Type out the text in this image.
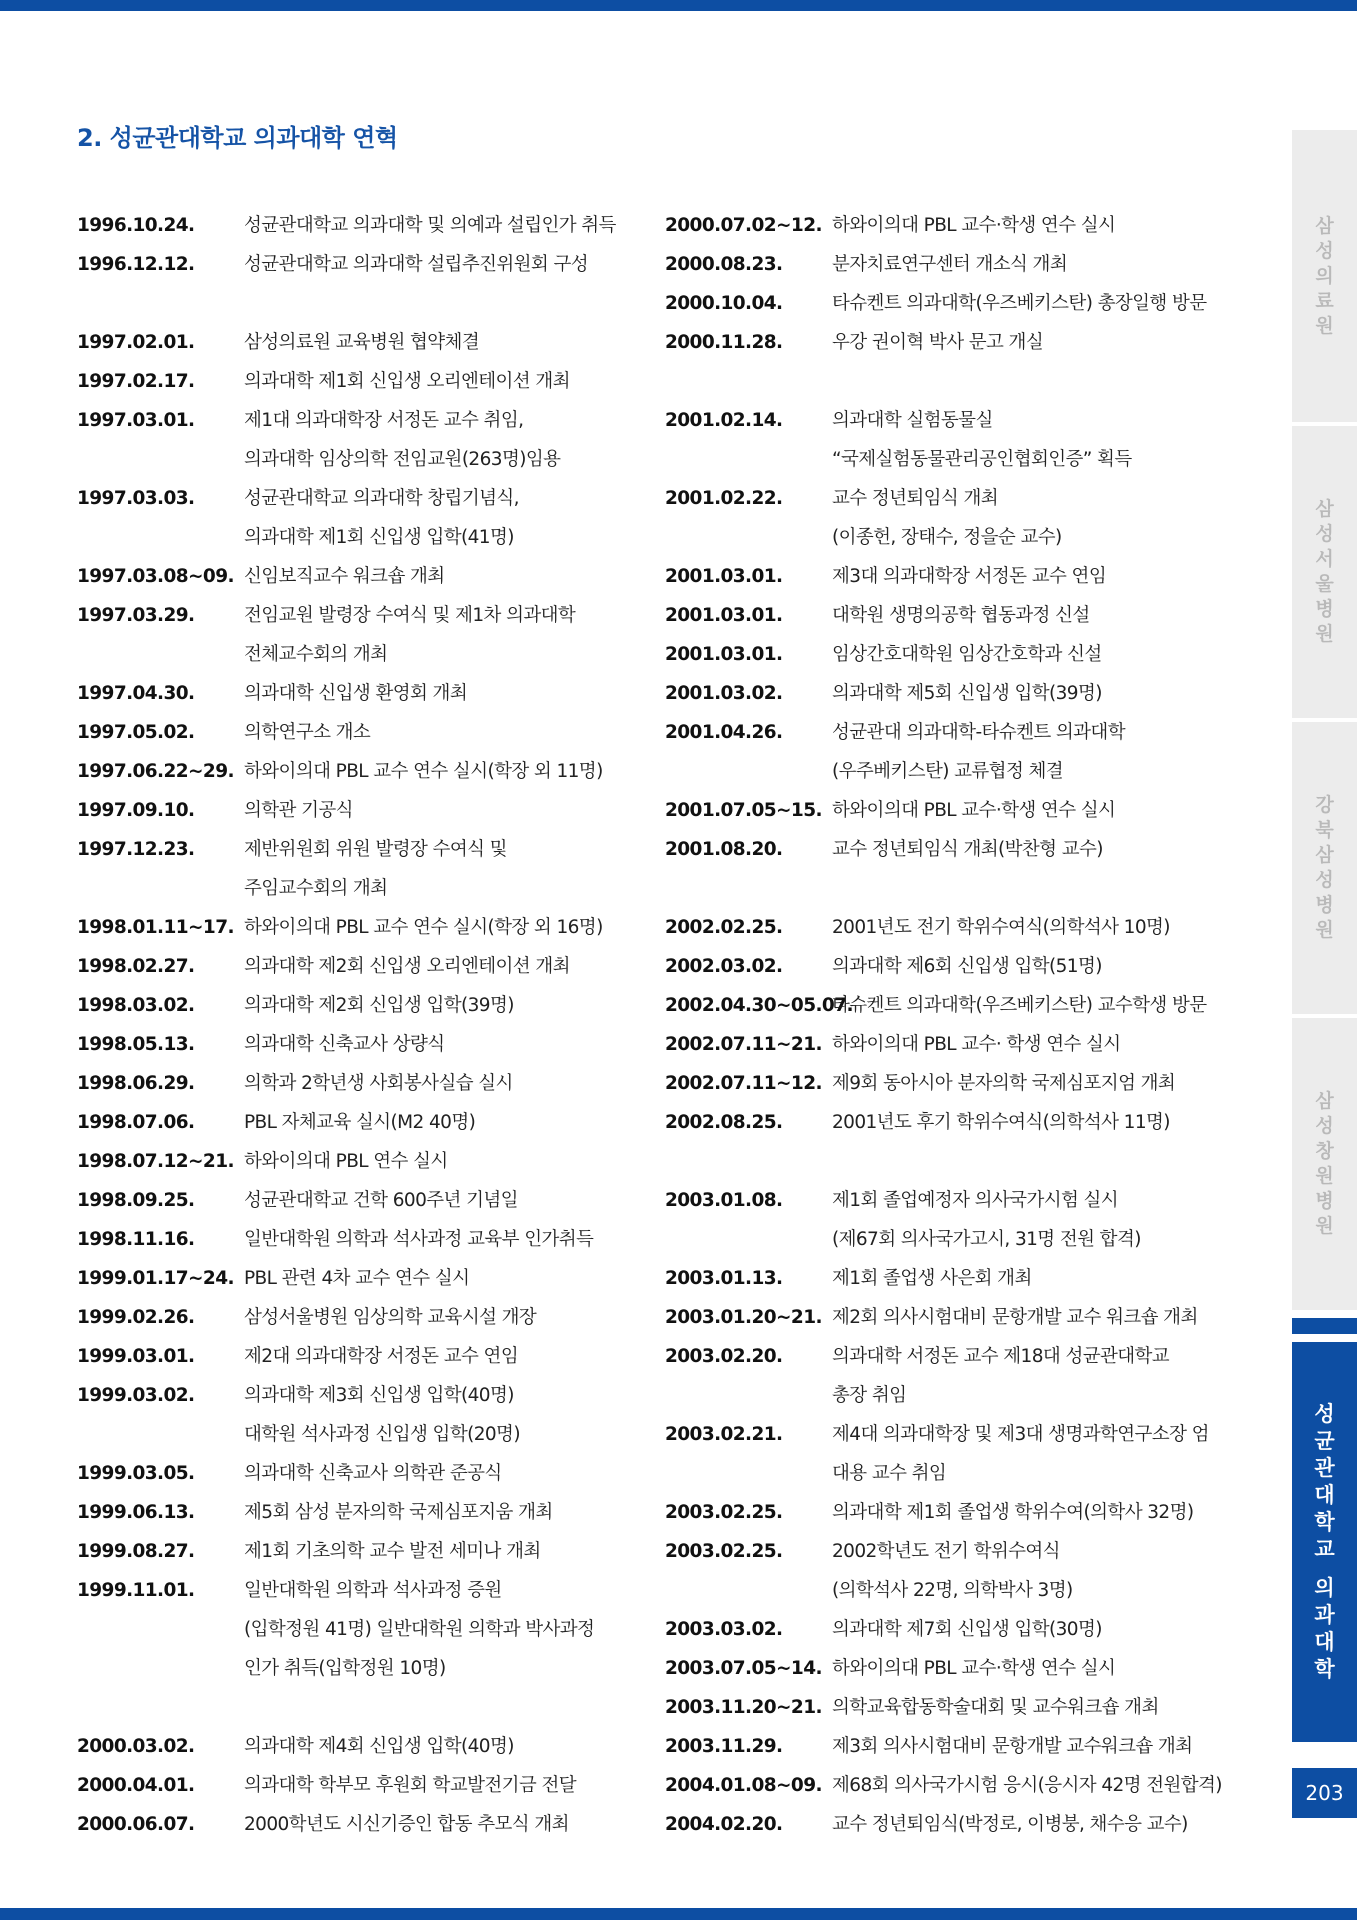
2. 성균관대학교 의과대학 연혁
1996.10.24.	성균관대학교 의과대학 및 의예과 설립인가 취득
1996.12.12.	성균관대학교 의과대학 설립추진위원회 구성
1997.02.01.	삼성의료원 교육병원 협약체결
1997.02.17.	의과대학 제1회 신입생 오리엔테이션 개최
1997.03.01.	제1대 의과대학장 서정돈 교수 취임,
의과대학 임상의학 전임교원(263명)임용
1997.03.03.	성균관대학교 의과대학 창립기념식,
의과대학 제1회 신입생 입학(41명)
1997.03.08~09. 신임보직교수 워크숍 개최
1997.03.29.	전임교원 발령장 수여식 및 제1차 의과대학
전체교수회의 개최
1997.04.30.	의과대학 신입생 환영회 개최
1997.05.02.	의학연구소 개소
1997.06.22~29. 하와이의대 PBL 교수 연수 실시(학장 외 11명)
1997.09.10.	의학관 기공식
1997.12.23.	제반위원회 위원 발령장 수여식 및
주임교수회의 개최
1998.01.11~17. 하와이의대 PBL 교수 연수 실시(학장 외 16명)
1998.02.27.	의과대학 제2회 신입생 오리엔테이션 개최
1998.03.02.	의과대학 제2회 신입생 입학(39명)
1998.05.13.	의과대학 신축교사 상량식
1998.06.29.	의학과 2학년생 사회봉사실습 실시
1998.07.06.	PBL 자체교육 실시(M2 40명)
1998.07.12~21. 하와이의대 PBL 연수 실시
1998.09.25.	성균관대학교 건학 600주년 기념일
1998.11.16.	일반대학원 의학과 석사과정 교육부 인가취득
1999.01.17~24. PBL 관련 4차 교수 연수 실시
1999.02.26.	삼성서울병원 임상의학 교육시설 개장
1999.03.01.	제2대 의과대학장 서정돈 교수 연임
1999.03.02.	의과대학 제3회 신입생 입학(40명)
대학원 석사과정 신입생 입학(20명)
1999.03.05.	의과대학 신축교사 의학관 준공식
1999.06.13.	제5회 삼성 분자의학 국제심포지움 개최
1999.08.27.	제1회 기초의학 교수 발전 세미나 개최
1999.11.01.	일반대학원 의학과 석사과정 증원
(입학정원 41명) 일반대학원 의학과 박사과정
인가 취득(입학정원 10명)
2000.03.02.	의과대학 제4회 신입생 입학(40명)
2000.04.01.	의과대학 학부모 후원회 학교발전기금 전달
2000.06.07.	2000학년도 시신기증인 합동 추모식 개최
2000.07.02~12. 하와이의대 PBL 교수·학생 연수 실시
2000.08.23.	분자치료연구센터 개소식 개최
2000.10.04.	타슈켄트 의과대학(우즈베키스탄) 총장일행 방문
2000.11.28.	우강 권이혁 박사 문고 개실
2001.02.14.	의과대학 실험동물실
“국제실험동물관리공인협회인증” 획득
2001.02.22.	교수 정년퇴임식 개최
(이종헌, 장태수, 정을순 교수)
2001.03.01.	제3대 의과대학장 서정돈 교수 연임
2001.03.01.	대학원 생명의공학 협동과정 신설
2001.03.01.	임상간호대학원 임상간호학과 신설
2001.03.02.	의과대학 제5회 신입생 입학(39명)
2001.04.26.	성균관대 의과대학-타슈켄트 의과대학
(우주베키스탄) 교류협정 체결
2001.07.05~15. 하와이의대 PBL 교수·학생 연수 실시
2001.08.20.	교수 정년퇴임식 개최(박찬형 교수)
2002.02.25.	2001년도 전기 학위수여식(의학석사 10명)
2002.03.02.	의과대학 제6회 신입생 입학(51명)
2002.04.30~05.07.
타슈켄트 의과대학(우즈베키스탄) 교수학생 방문
2002.07.11~21. 하와이의대 PBL 교수· 학생 연수 실시
2002.07.11~12. 제9회 동아시아 분자의학 국제심포지엄 개최
2002.08.25.	2001년도 후기 학위수여식(의학석사 11명)
2003.01.08.	제1회 졸업예정자 의사국가시험 실시
(제67회 의사국가고시, 31명 전원 합격)
2003.01.13.	제1회 졸업생 사은회 개최
2003.01.20~21. 제2회 의사시험대비 문항개발 교수 워크숍 개최
2003.02.20.	의과대학 서정돈 교수 제18대 성균관대학교
총장 취임
2003.02.21.	제4대 의과대학장 및 제3대 생명과학연구소장 엄
대용 교수 취임
2003.02.25.	의과대학 제1회 졸업생 학위수여(의학사 32명)
2003.02.25.	2002학년도 전기 학위수여식
(의학석사 22명, 의학박사 3명)
2003.03.02.	의과대학 제7회 신입생 입학(30명)
2003.07.05~14. 하와이의대 PBL 교수·학생 연수 실시
2003.11.20~21. 의학교육합동학술대회 및 교수워크숍 개최
2003.11.29.	제3회 의사시험대비 문항개발 교수워크숍 개최
2004.01.08~09. 제68회 의사국가시험 응시(응시자 42명 전원합격)
2004.02.20.	교수 정년퇴임식(박정로, 이병붕, 채수응 교수)
삼
성
의
료
원
삼
성
서
울
병
원
강
북
삼
성
병
원
삼
성
창
원
병
원
성
균
관
대
학
교

의
과
대
학
203
